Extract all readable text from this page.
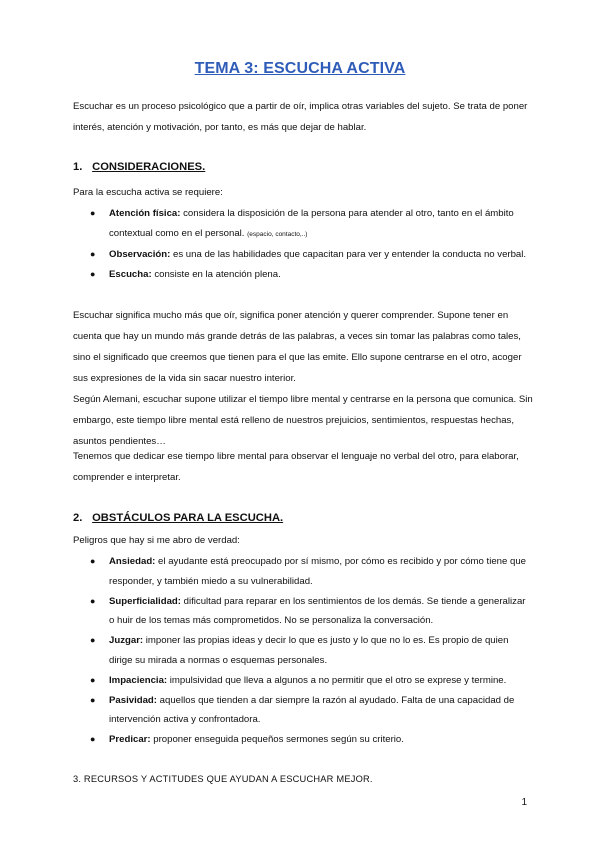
TEMA 3: ESCUCHA ACTIVA

Escuchar es un proceso psicológico que a partir de oír, implica otras variables del sujeto. Se trata de poner interés, atención y motivación, por tanto, es más que dejar de hablar.

1. CONSIDERACIONES.

Para la escucha activa se requiere:

● Atención física: considera la disposición de la persona para atender al otro, tanto en el ámbito contextual como en el personal. (espacio, contacto,..)
● Observación: es una de las habilidades que capacitan para ver y entender la conducta no verbal.
● Escucha: consiste en la atención plena.

Escuchar significa mucho más que oír, significa poner atención y querer comprender. Supone tener en cuenta que hay un mundo más grande detrás de las palabras, a veces sin tomar las palabras como tales, sino el significado que creemos que tienen para el que las emite. Ello supone centrarse en el otro, acoger sus expresiones de la vida sin sacar nuestro interior.

Según Alemani, escuchar supone utilizar el tiempo libre mental y centrarse en la persona que comunica. Sin embargo, este tiempo libre mental está relleno de nuestros prejuicios, sentimientos, respuestas hechas, asuntos pendientes…

Tenemos que dedicar ese tiempo libre mental para observar el lenguaje no verbal del otro, para elaborar, comprender e interpretar.

2. OBSTÁCULOS PARA LA ESCUCHA.

Peligros que hay si me abro de verdad:

● Ansiedad: el ayudante está preocupado por sí mismo, por cómo es recibido y por cómo tiene que responder, y también miedo a su vulnerabilidad.
● Superficialidad: dificultad para reparar en los sentimientos de los demás. Se tiende a generalizar o huir de los temas más comprometidos. No se personaliza la conversación.
● Juzgar: imponer las propias ideas y decir lo que es justo y lo que no lo es. Es propio de quien dirige su mirada a normas o esquemas personales.
● Impaciencia: impulsividad que lleva a algunos a no permitir que el otro se exprese y termine.
● Pasividad: aquellos que tienden a dar siempre la razón al ayudado. Falta de una capacidad de intervención activa y confrontadora.
● Predicar: proponer enseguida pequeños sermones según su criterio.
3. RECURSOS Y ACTITUDES QUE AYUDAN A ESCUCHAR MEJOR.
1
